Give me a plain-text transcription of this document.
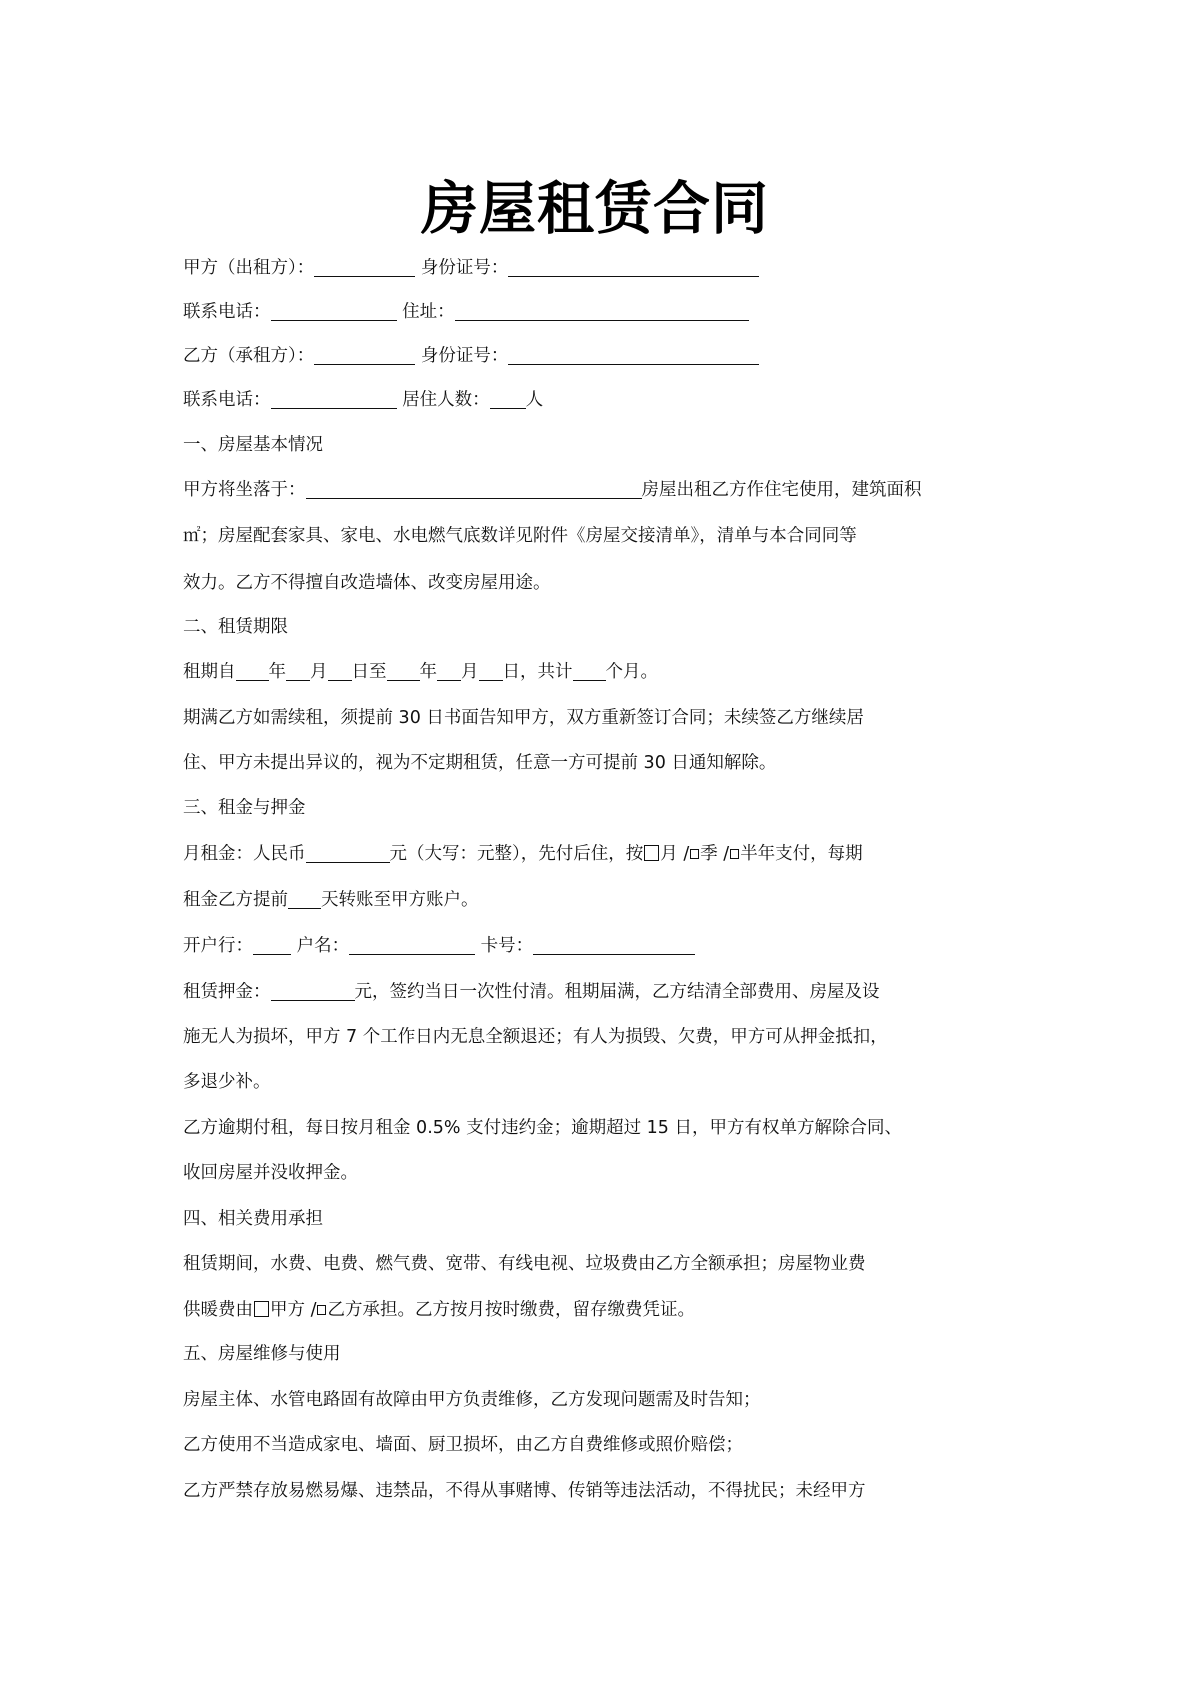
房屋租赁合同
甲方（出租方）：	身份证号：
联系电话：	住址：
乙方（承租方）：	身份证号：
联系电话：	居住人数： 人
一、房屋基本情况
甲方将坐落于：	房屋出租乙方作住宅使用，建筑面积
㎡；房屋配套家具、家电、水电燃气底数详见附件《房屋交接清单》，清单与本合同同等
效力。乙方不得擅自改造墙体、改变房屋用途。
二、租赁期限
租期自 年 月 日至 年 月 日，共计 个月。
期满乙方如需续租，须提前 30 日书面告知甲方，双方重新签订合同；未续签乙方继续居
住、甲方未提出异议的，视为不定期租赁，任意一方可提前 30 日通知解除。
三、租金与押金
月租金：人民币	元（大写：元整），先付后住，按 月 / 季 / 半年支付，每期
租金乙方提前 天转账至甲方账户。
开户行： 户名：	卡号：
租赁押金：	元，签约当日一次性付清。租期届满，乙方结清全部费用、房屋及设
施无人为损坏，甲方 7 个工作日内无息全额退还；有人为损毁、欠费，甲方可从押金抵扣，
多退少补。
乙方逾期付租，每日按月租金 0.5% 支付违约金；逾期超过 15 日，甲方有权单方解除合同、
收回房屋并没收押金。
四、相关费用承担
租赁期间，水费、电费、燃气费、宽带、有线电视、垃圾费由乙方全额承担；房屋物业费
供暖费由 甲方 / 乙方承担。乙方按月按时缴费，留存缴费凭证。
五、房屋维修与使用
房屋主体、水管电路固有故障由甲方负责维修，乙方发现问题需及时告知；
乙方使用不当造成家电、墙面、厨卫损坏，由乙方自费维修或照价赔偿；
乙方严禁存放易燃易爆、违禁品，不得从事赌博、传销等违法活动，不得扰民；未经甲方
